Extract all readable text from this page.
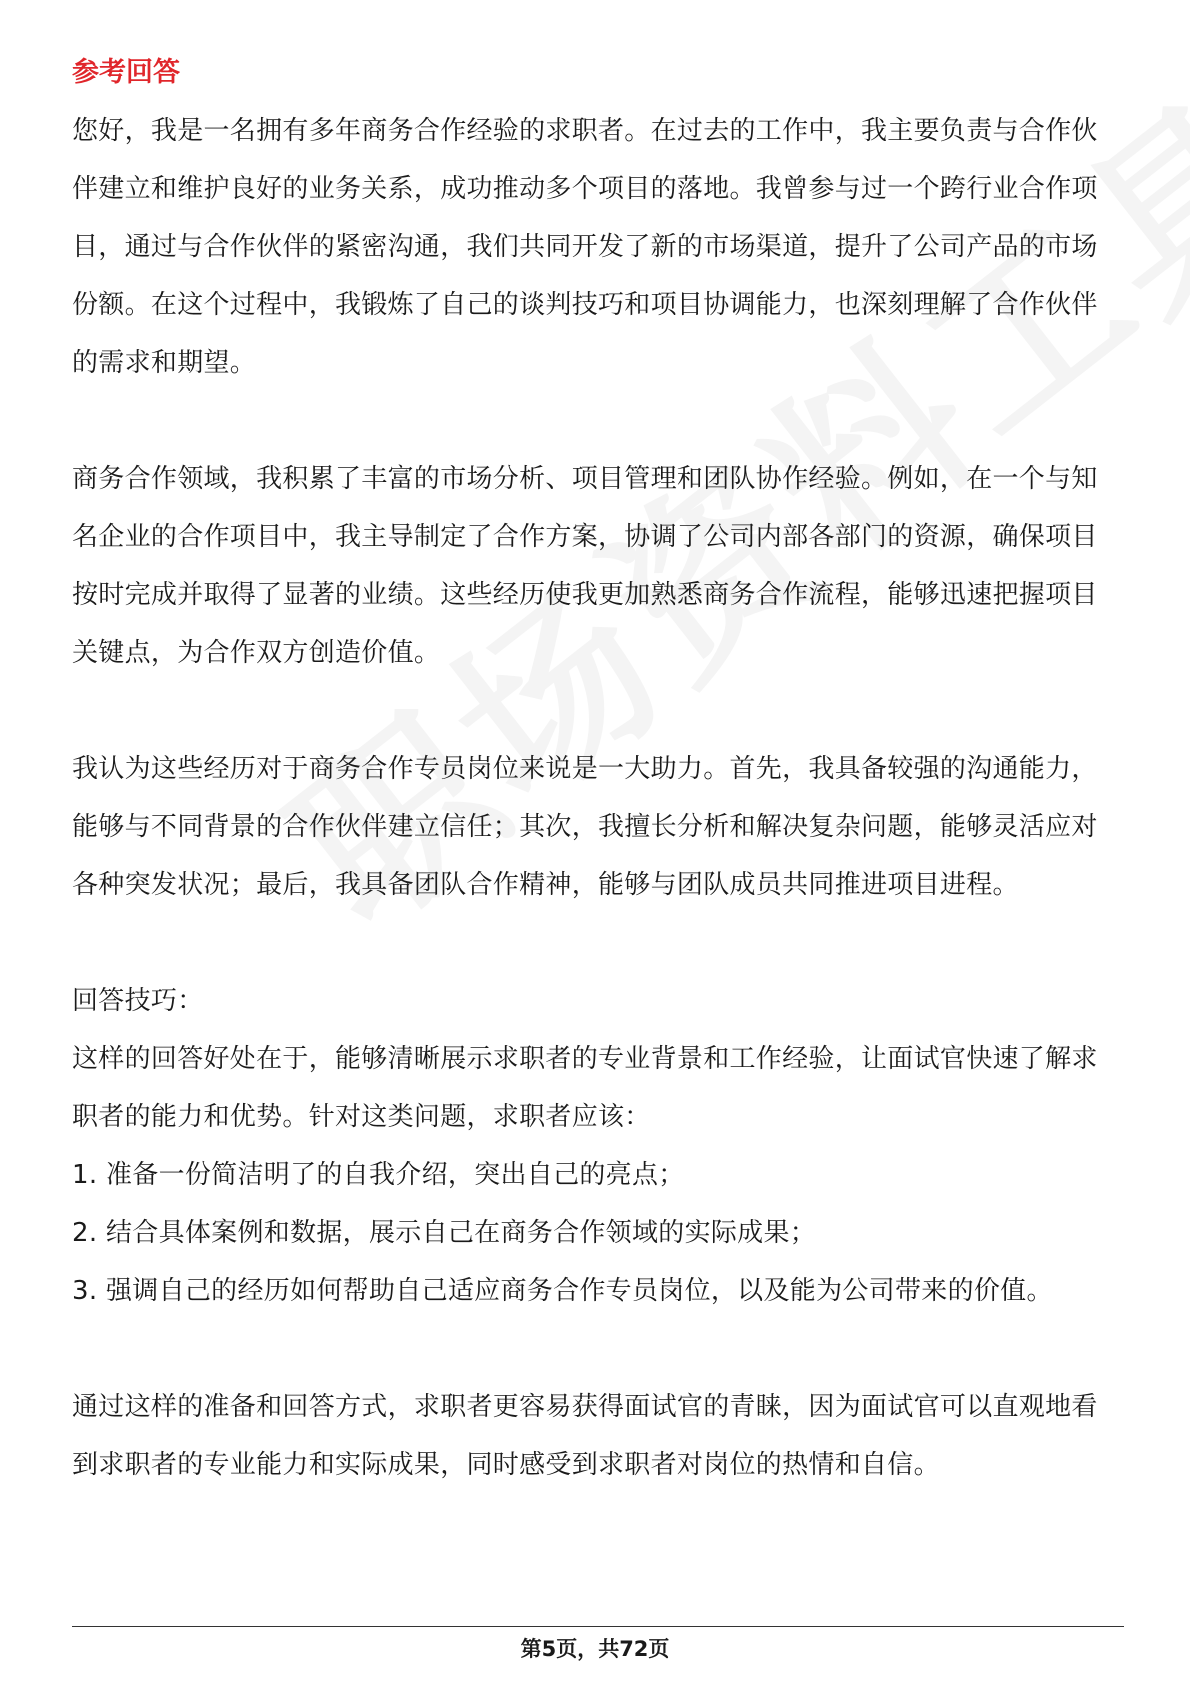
参考回答

您好，我是一名拥有多年商务合作经验的求职者。在过去的工作中，我主要负责与合作伙伴建立和维护良好的业务关系，成功推动多个项目的落地。我曾参与过一个跨行业合作项目，通过与合作伙伴的紧密沟通，我们共同开发了新的市场渠道，提升了公司产品的市场份额。在这个过程中，我锻炼了自己的谈判技巧和项目协调能力，也深刻理解了合作伙伴的需求和期望。

商务合作领域，我积累了丰富的市场分析、项目管理和团队协作经验。例如，在一个与知名企业的合作项目中，我主导制定了合作方案，协调了公司内部各部门的资源，确保项目按时完成并取得了显著的业绩。这些经历使我更加熟悉商务合作流程，能够迅速把握项目关键点，为合作双方创造价值。

我认为这些经历对于商务合作专员岗位来说是一大助力。首先，我具备较强的沟通能力，能够与不同背景的合作伙伴建立信任；其次，我擅长分析和解决复杂问题，能够灵活应对各种突发状况；最后，我具备团队合作精神，能够与团队成员共同推进项目进程。

回答技巧：

这样的回答好处在于，能够清晰展示求职者的专业背景和工作经验，让面试官快速了解求职者的能力和优势。针对这类问题，求职者应该：

1. 准备一份简洁明了的自我介绍，突出自己的亮点；

2. 结合具体案例和数据，展示自己在商务合作领域的实际成果；

3. 强调自己的经历如何帮助自己适应商务合作专员岗位，以及能为公司带来的价值。

通过这样的准备和回答方式，求职者更容易获得面试官的青睐，因为面试官可以直观地看到求职者的专业能力和实际成果，同时感受到求职者对岗位的热情和自信。

第5页，共72页
